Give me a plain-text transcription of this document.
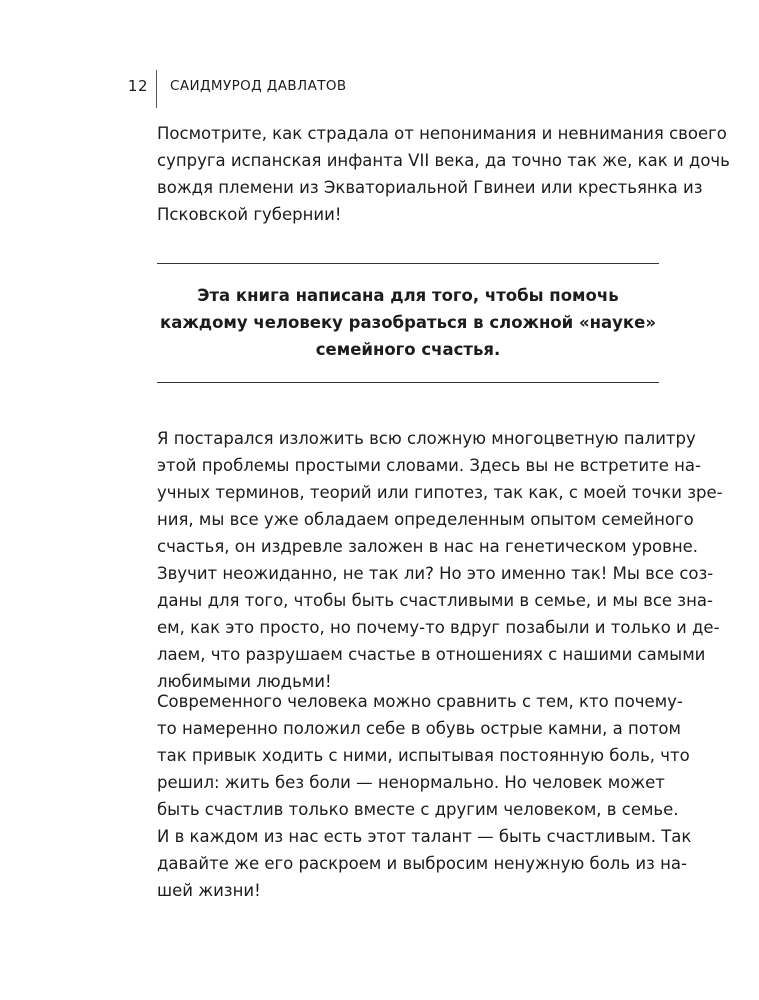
12 САИДМУРОД ДАВЛАТОВ

Посмотрите, как страдала от непонимания и невнимания своего
супруга испанская инфанта VII века, да точно так же, как и дочь
вождя племени из Экваториальной Гвинеи или крестьянка из
Псковской губернии!

Эта книга написана для того, чтобы помочь
каждому человеку разобраться в сложной «науке»
семейного счастья.

Я постарался изложить всю сложную многоцветную палитру
этой проблемы простыми словами. Здесь вы не встретите на-
учных терминов, теорий или гипотез, так как, с моей точки зре-
ния, мы все уже обладаем определенным опытом семейного
счастья, он издревле заложен в нас на генетическом уровне.
Звучит неожиданно, не так ли? Но это именно так! Мы все соз-
даны для того, чтобы быть счастливыми в семье, и мы все зна-
ем, как это просто, но почему-то вдруг позабыли и только и де-
лаем, что разрушаем счастье в отношениях с нашими самыми
любимыми людьми!

Современного человека можно сравнить с тем, кто почему-
то намеренно положил себе в обувь острые камни, а потом
так привык ходить с ними, испытывая постоянную боль, что
решил: жить без боли — ненормально. Но человек может
быть счастлив только вместе с другим человеком, в семье.
И в каждом из нас есть этот талант — быть счастливым. Так
давайте же его раскроем и выбросим ненужную боль из на-
шей жизни!
